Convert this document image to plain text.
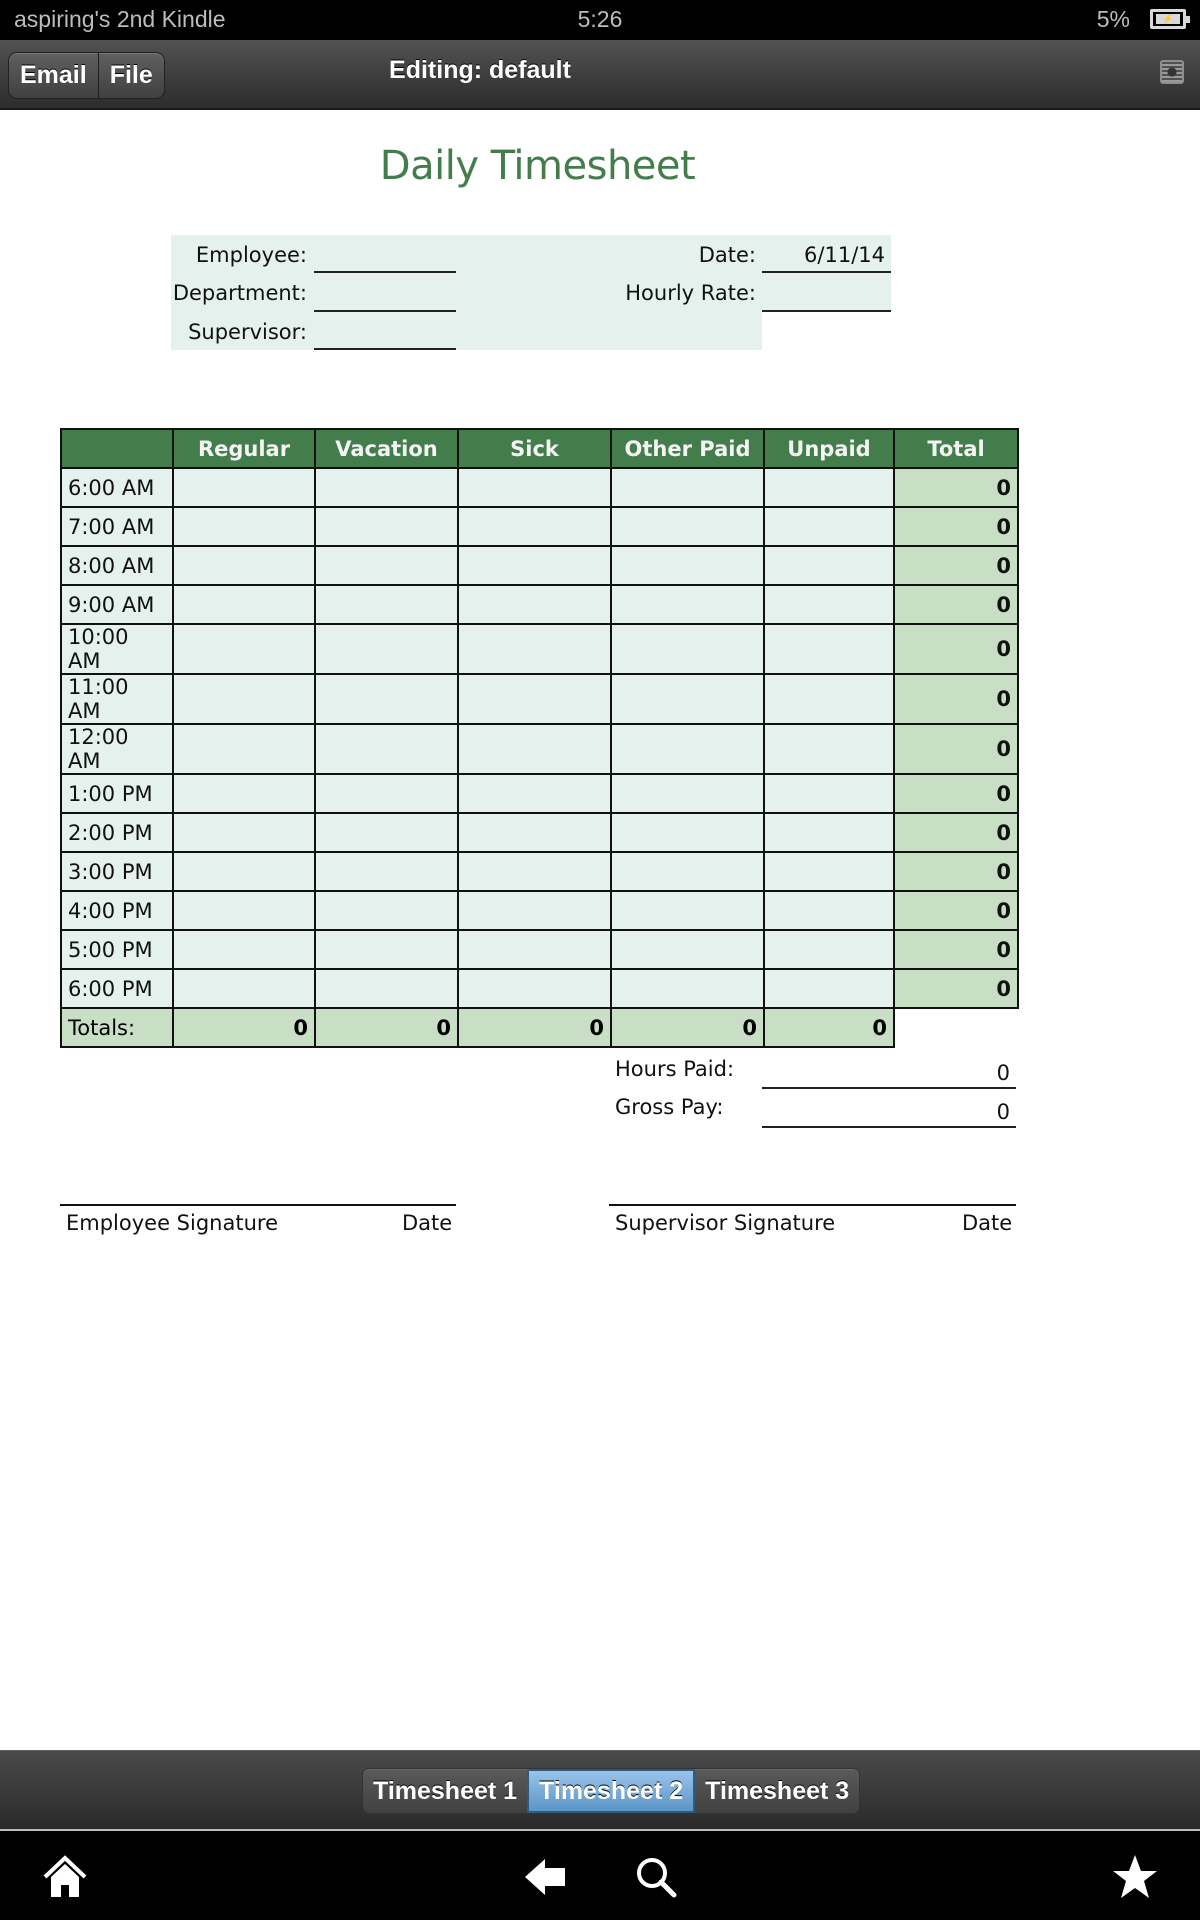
aspiring's 2nd Kindle	5:26	5%	⚡
Email File	Editing: default
Daily Timesheet
Employee:
Department:
Supervisor:
Date:	6/11/14
Hourly Rate:
	Regular	Vacation	Sick	Other Paid	Unpaid	Total
6:00 AM						0
7:00 AM						0
8:00 AM						0
9:00 AM						0
10:00 AM						0
11:00 AM						0
12:00 AM						0
1:00 PM						0
2:00 PM						0
3:00 PM						0
4:00 PM						0
5:00 PM						0
6:00 PM						0
Totals:	0	0	0	0	0	
Hours Paid:	0
Gross Pay:	0
Employee Signature	Date	Supervisor Signature	Date
Timesheet 1 Timesheet 2 Timesheet 3
